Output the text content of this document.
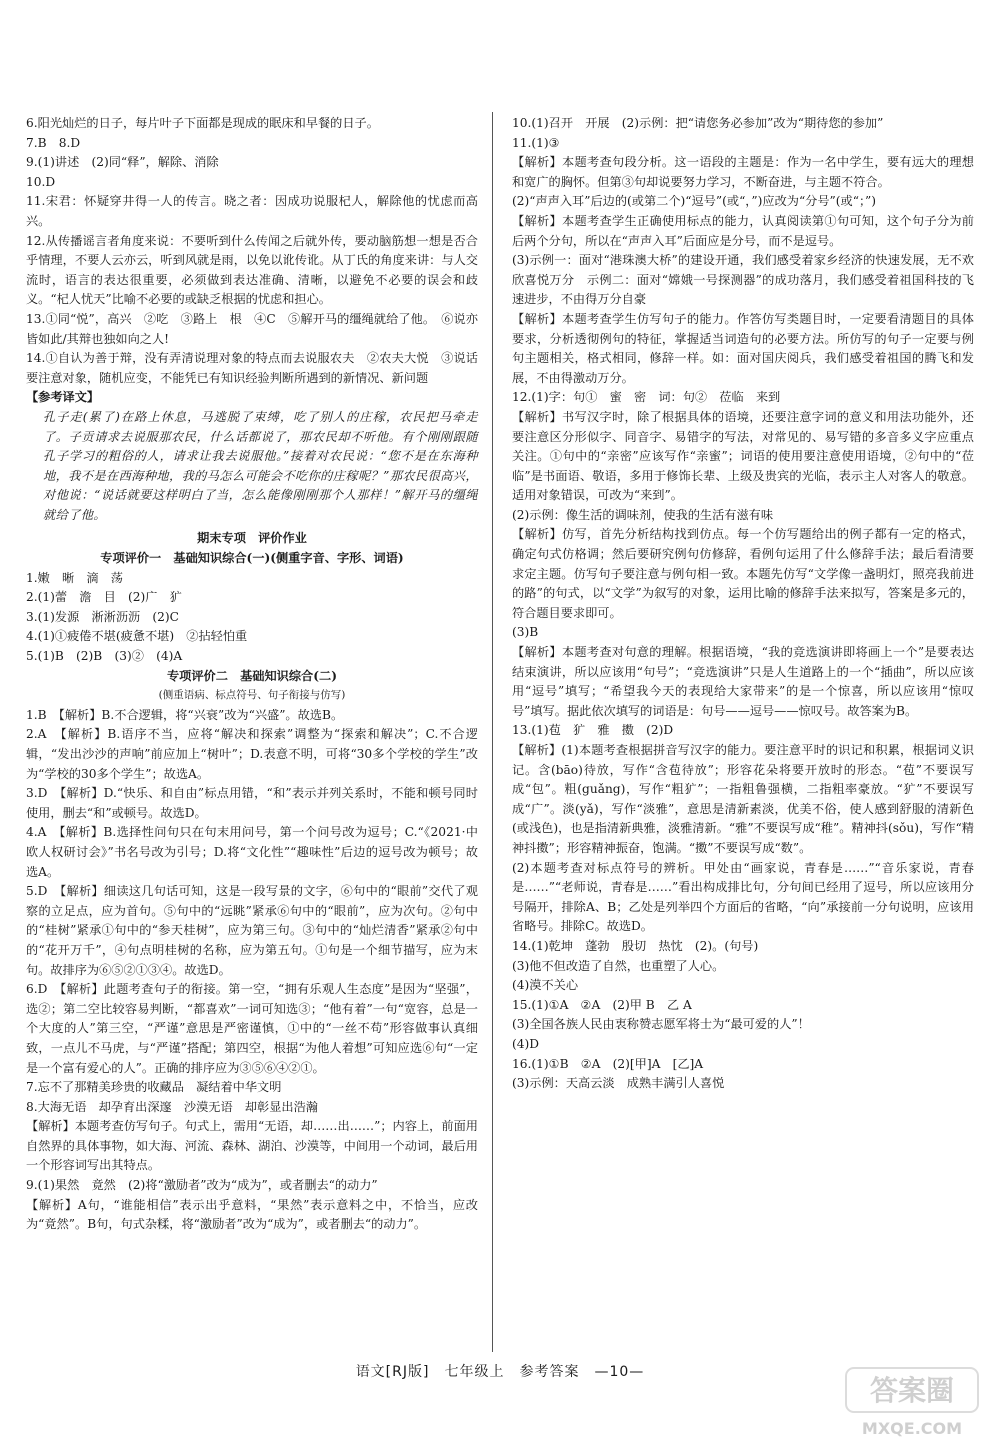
6.阳光灿烂的日子，每片叶子下面都是现成的眠床和早餐的日子。

7.B　8.D

9.(1)讲述　(2)同“释”，解除、消除

10.D

11.宋君：怀疑穿井得一人的传言。晓之者：因成功说服杞人，解除他的忧虑而高兴。

12.从传播谣言者角度来说：不要听到什么传闻之后就外传，要动脑筋想一想是否合乎情理，不要人云亦云，听到风就是雨，以免以讹传讹。从丁氏的角度来讲：与人交流时，语言的表达很重要，必须做到表达准确、清晰，以避免不必要的误会和歧义。“杞人忧天”比喻不必要的或缺乏根据的忧虑和担心。

13.①同“悦”，高兴　②吃　③路上　根　④C　⑤解开马的缰绳就给了他。　⑥说亦皆如此/其辩也独如向之人!

14.①自认为善于辩，没有弄清说理对象的特点而去说服农夫　②农夫大悦　③说话要注意对象，随机应变，不能凭已有知识经验判断所遇到的新情况、新问题

【参考译文】

孔子走(累了)在路上休息，马逃脱了束缚，吃了别人的庄稼，农民把马牵走了。子贡请求去说服那农民，什么话都说了，那农民却不听他。有个刚刚跟随孔子学习的粗俗的人，请求让我去说服他。”接着对农民说：“您不是在东海种地，我不是在西海种地，我的马怎么可能会不吃你的庄稼呢？”那农民很高兴，对他说：“说话就要这样明白了当，怎么能像刚刚那个人那样！”解开马的缰绳就给了他。

期末专项　评价作业

专项评价一　基础知识综合(一)(侧重字音、字形、词语)

1.嫩　晰　滴　荡

2.(1)蕾　澹　目　(2)广　犷

3.(1)发源　淅淅沥沥　(2)C

4.(1)①疲倦不堪(疲惫不堪)　②拈轻怕重

5.(1)B　(2)B　(3)②　(4)A

专项评价二　基础知识综合(二)

(侧重语病、标点符号、句子衔接与仿写)

1.B　【解析】B.不合逻辑，将“兴衰”改为“兴盛”。故选B。

2.A　【解析】B.语序不当，应将“解决和探索”调整为“探索和解决”；C.不合逻辑，“发出沙沙的声响”前应加上“树叶”；D.表意不明，可将“30多个学校的学生”改为“学校的30多个学生”；故选A。

3.D　【解析】D.“快乐、和自由”标点用错，“和”表示并列关系时，不能和顿号同时使用，删去“和”或顿号。故选D。

4.A　【解析】B.选择性问句只在句末用问号，第一个问号改为逗号；C.“《2021·中欧人权研讨会》”书名号改为引号；D.将“文化性”“趣味性”后边的逗号改为顿号；故选A。

5.D　【解析】细读这几句话可知，这是一段写景的文字，⑥句中的“眼前”交代了观察的立足点，应为首句。⑤句中的“远眺”紧承⑥句中的“眼前”，应为次句。②句中的“桂树”紧承①句中的“参天桂树”，应为第三句。③句中的“灿烂清香”紧承②句中的“花开万千”，④句点明桂树的名称，应为第五句。①句是一个细节描写，应为末句。故排序为⑥⑤②①③④。故选D。

6.D　【解析】此题考查句子的衔接。第一空，“拥有乐观人生态度”是因为“坚强”，选②；第二空比较容易判断，“都喜欢”一词可知选③；“他有着”一句“宽容，总是一个大度的人”第三空，“严谨”意思是严密谨慎，①中的“一丝不苟”形容做事认真细致，一点儿不马虎，与“严谨”搭配；第四空，根据“为他人着想”可知应选⑥句“一定是一个富有爱心的人”。正确的排序应为③⑤⑥④②①。

7.忘不了那精美珍贵的收藏品　凝结着中华文明

8.大海无语　却孕育出深邃　沙漠无语　却彰显出浩瀚

【解析】本题考查仿写句子。句式上，需用“无语，却……出……”；内容上，前面用自然界的具体事物，如大海、河流、森林、湖泊、沙漠等，中间用一个动词，最后用一个形容词写出其特点。

9.(1)果然　竟然　(2)将“激励者”改为“成为”，或者删去“的动力”

【解析】A句，“谁能相信”表示出乎意料，“果然”表示意料之中，不恰当，应改为“竟然”。B句，句式杂糅，将“激励者”改为“成为”，或者删去“的动力”。

10.(1)召开　开展　(2)示例：把“请您务必参加”改为“期待您的参加”

11.(1)③

【解析】本题考查句段分析。这一语段的主题是：作为一名中学生，要有远大的理想和宽广的胸怀。但第③句却说要努力学习，不断奋进，与主题不符合。

(2)“声声入耳”后边的(或第二个)“逗号”(或“，”)应改为“分号”(或“；”)

【解析】本题考查学生正确使用标点的能力，认真阅读第①句可知，这个句子分为前后两个分句，所以在“声声入耳”后面应是分号，而不是逗号。

(3)示例一：面对“港珠澳大桥”的建设开通，我们感受着家乡经济的快速发展，无不欢欣喜悦万分　示例二：面对“嫦娥一号探测器”的成功落月，我们感受着祖国科技的飞速进步，不由得万分自豪

【解析】本题考查学生仿写句子的能力。作答仿写类题目时，一定要看清题目的具体要求，分析透彻例句的特征，掌握适当词造句的必要方法。所仿写的句子一定要与例句主题相关，格式相同，修辞一样。如：面对国庆阅兵，我们感受着祖国的腾飞和发展，不由得激动万分。

12.(1)字：句①　蜜　密　词：句②　莅临　来到

【解析】书写汉字时，除了根据具体的语境，还要注意字词的意义和用法功能外，还要注意区分形似字、同音字、易错字的写法，对常见的、易写错的多音多义字应重点关注。①句中的“亲密”应该写作“亲蜜”；词语的使用要注意使用语境，②句中的“莅临”是书面语、敬语，多用于修饰长辈、上级及贵宾的光临，表示主人对客人的敬意。适用对象错误，可改为“来到”。

(2)示例：像生活的调味剂，使我的生活有滋有味

【解析】仿写，首先分析结构找到仿点。每一个仿写题给出的例子都有一定的格式，确定句式仿格调；然后要研究例句仿修辞，看例句运用了什么修辞手法；最后看清要求定主题。仿写句子要注意与例句相一致。本题先仿写“文学像一盏明灯，照亮我前进的路”的句式，以“文学”为叙写的对象，运用比喻的修辞手法来拟写，答案是多元的，符合题目要求即可。

(3)B

【解析】本题考查对句意的理解。根据语境，“我的竞选演讲即将画上一个”是要表达结束演讲，所以应该用“句号”；“竞选演讲”只是人生道路上的一个“插曲”，所以应该用“逗号”填写；“希望我今天的表现给大家带来”的是一个惊喜，所以应该用“惊叹号”填写。据此依次填写的词语是：句号——逗号——惊叹号。故答案为B。

13.(1)苞　犷　雅　擞　(2)D

【解析】(1)本题考查根据拼音写汉字的能力。要注意平时的识记和积累，根据词义识记。含(bāo)待放，写作“含苞待放”；形容花朵将要开放时的形态。“苞”不要误写成“包”。粗(guǎng)，写作“粗犷”；一指粗鲁强横，二指粗率豪放。“犷”不要误写成“广”。淡(yǎ)，写作“淡雅”，意思是清新素淡，优美不俗，使人感到舒服的清新色(或浅色)，也是指清新典雅，淡雅清新。“雅”不要误写成“稚”。精神抖(sǒu)，写作“精神抖擞”；形容精神振奋，饱满。“擞”不要误写成“数”。

(2)本题考查对标点符号的辨析。甲处由“画家说，青春是……”“音乐家说，青春是……”“老师说，青春是……”看出构成排比句，分句间已经用了逗号，所以应该用分号隔开，排除A、B；乙处是列举四个方面后的省略，“向”承接前一分句说明，应该用省略号。排除C。故选D。

14.(1)乾坤　蓬勃　殷切　热忱　(2)。(句号)

(3)他不但改造了自然，也重塑了人心。

(4)漠不关心

15.(1)①A　②A　(2)甲 B　乙 A

(3)全国各族人民由衷称赞志愿军将士为“最可爱的人”！

(4)D

16.(1)①B　②A　(2)[甲]A　[乙]A

(3)示例：天高云淡　成熟丰满引人喜悦

语文[RJ版]　七年级上　参考答案　—10—
答案圈
MXQE.COM
